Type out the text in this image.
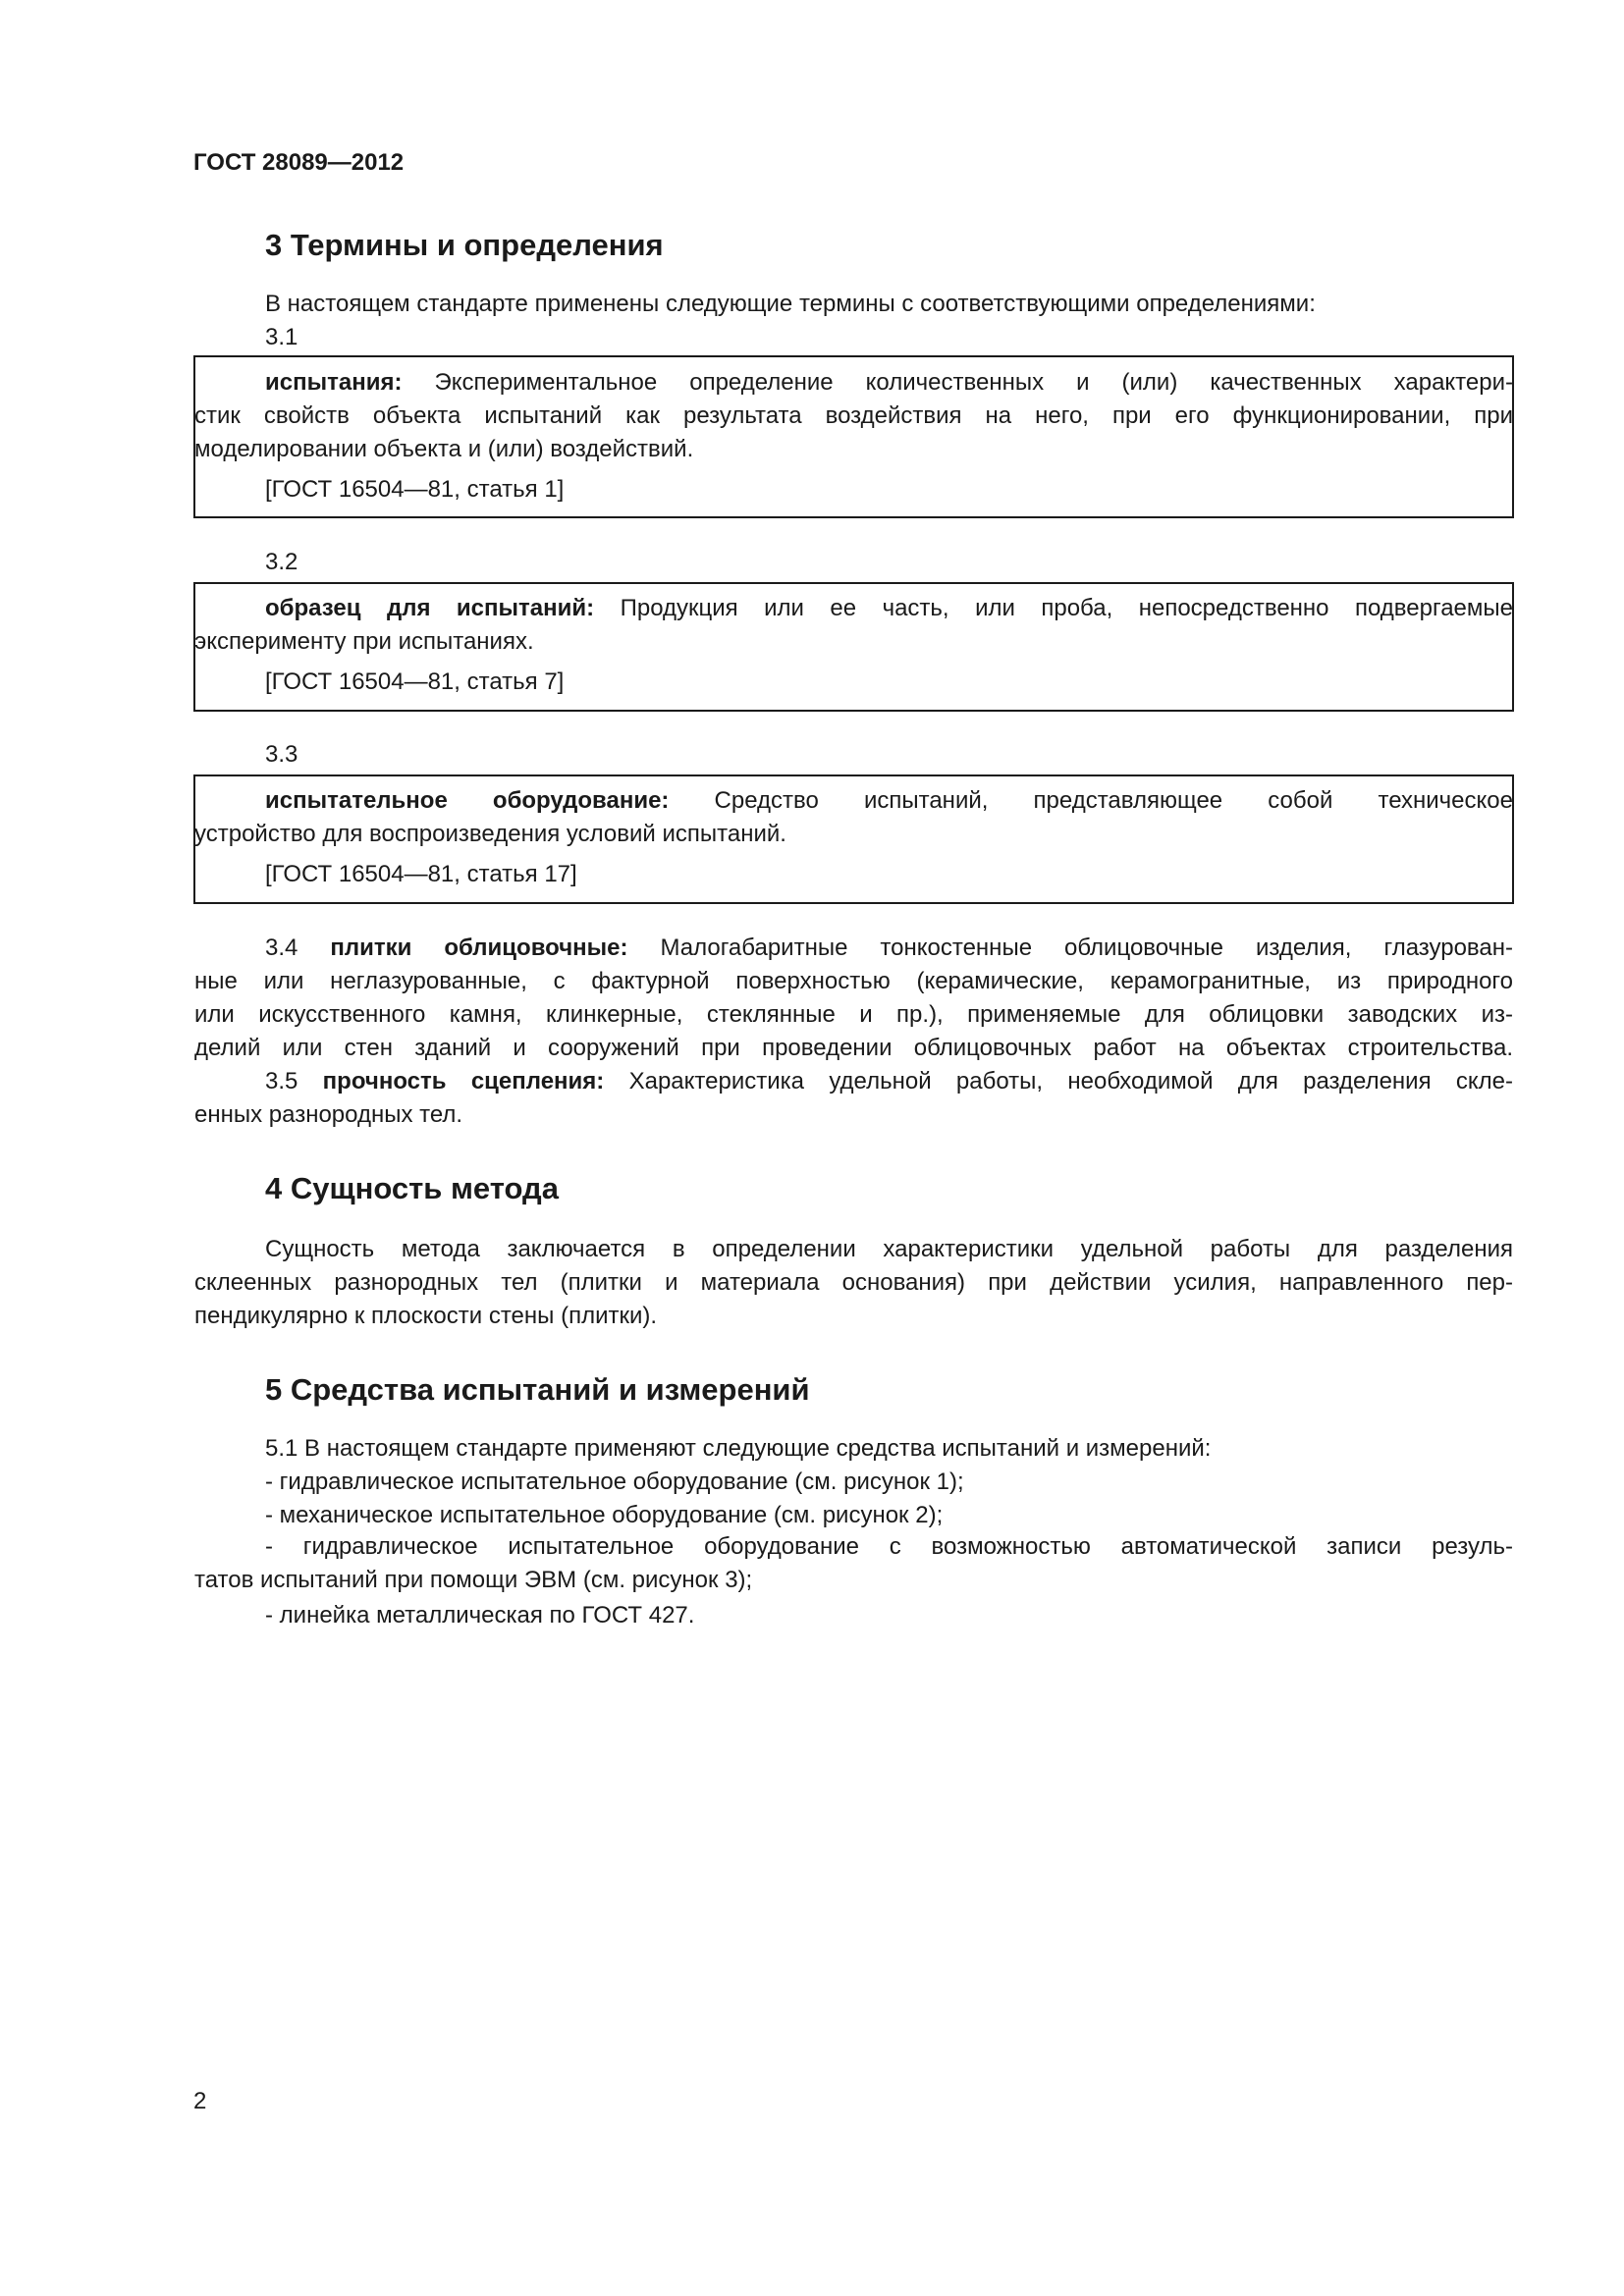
ГОСТ 28089—2012
3 Термины и определения
В настоящем стандарте применены следующие термины с соответствующими определениями:
3.1
испытания: Экспериментальное определение количественных и (или) качественных характери-
стик свойств объекта испытаний как результата воздействия на него, при его функционировании, при
моделировании объекта и (или) воздействий.
[ГОСТ 16504—81, статья 1]
3.2
образец для испытаний: Продукция или ее часть, или проба, непосредственно подвергаемые
эксперименту при испытаниях.
[ГОСТ 16504—81, статья 7]
3.3
испытательное оборудование: Средство испытаний, представляющее собой техническое
устройство для воспроизведения условий испытаний.
[ГОСТ 16504—81, статья 17]
3.4 плитки облицовочные: Малогабаритные тонкостенные облицовочные изделия, глазурован-
ные или неглазурованные, с фактурной поверхностью (керамические, керамогранитные, из природного
или искусственного камня, клинкерные, стеклянные и пр.), применяемые для облицовки заводских из-
делий или стен зданий и сооружений при проведении облицовочных работ на объектах строительства.
3.5 прочность сцепления: Характеристика удельной работы, необходимой для разделения скле-
енных разнородных тел.
4 Сущность метода
Сущность метода заключается в определении характеристики удельной работы для разделения
склеенных разнородных тел (плитки и материала основания) при действии усилия, направленного пер-
пендикулярно к плоскости стены (плитки).
5 Средства испытаний и измерений
5.1 В настоящем стандарте применяют следующие средства испытаний и измерений:
- гидравлическое испытательное оборудование (см. рисунок 1);
- механическое испытательное оборудование (см. рисунок 2);
- гидравлическое испытательное оборудование с возможностью автоматической записи резуль-
татов испытаний при помощи ЭВМ (см. рисунок 3);
- линейка металлическая по ГОСТ 427.
2
